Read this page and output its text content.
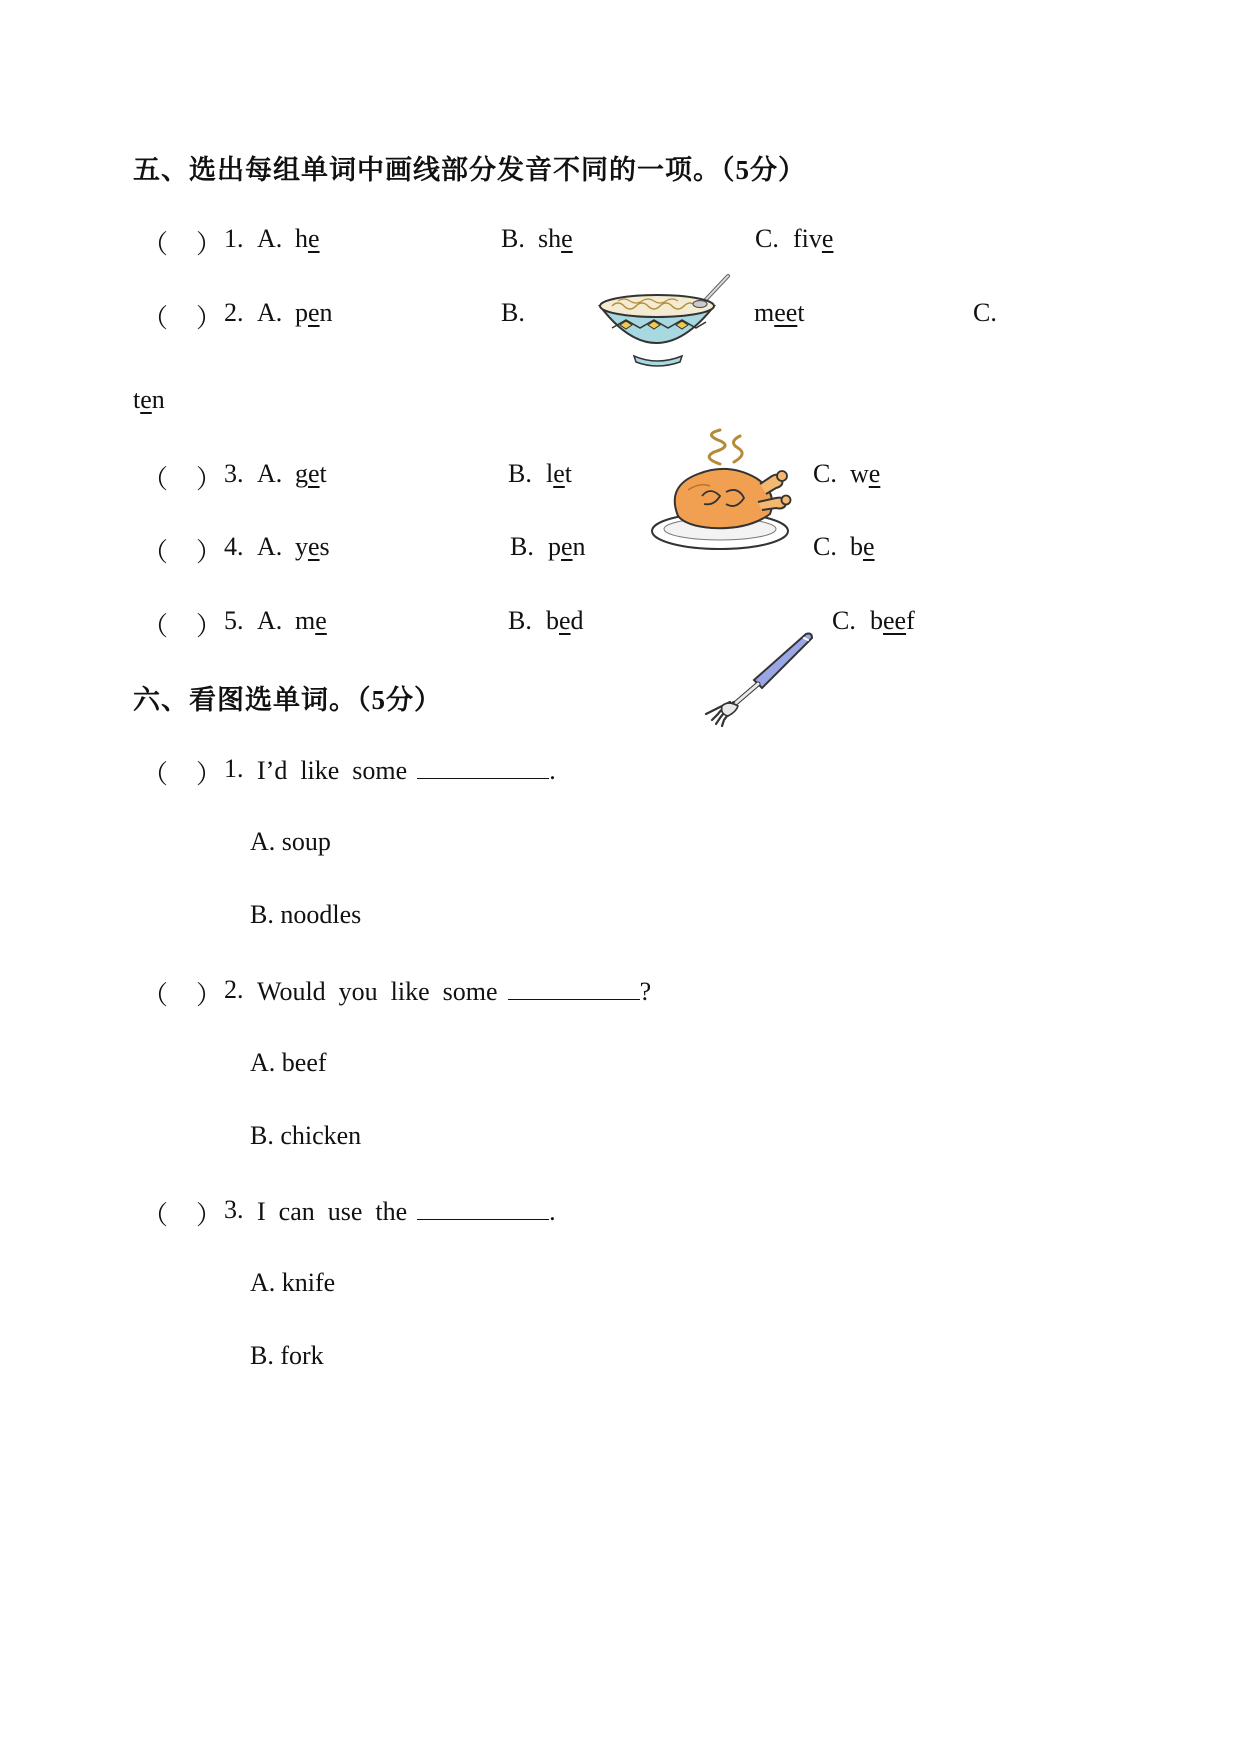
五、选出每组单词中画线部分发音不同的一项。（5分）
（ ） 1. A. he	B. she	C. five
（ ） 2. A. pen	B.	meet	C.
ten
（ ） 3. A. get	B. let	C. we
（ ） 4. A. yes	B. pen	C. be
（ ） 5. A. me	B. bed	C. beef
六、看图选单词。（5分）
（ ） 1. I’d  like  some	.
A. soup
B. noodles
（ ） 2. Would  you  like  some	?
A. beef
B. chicken
（ ） 3. I  can  use  the	.
A. knife
B. fork
